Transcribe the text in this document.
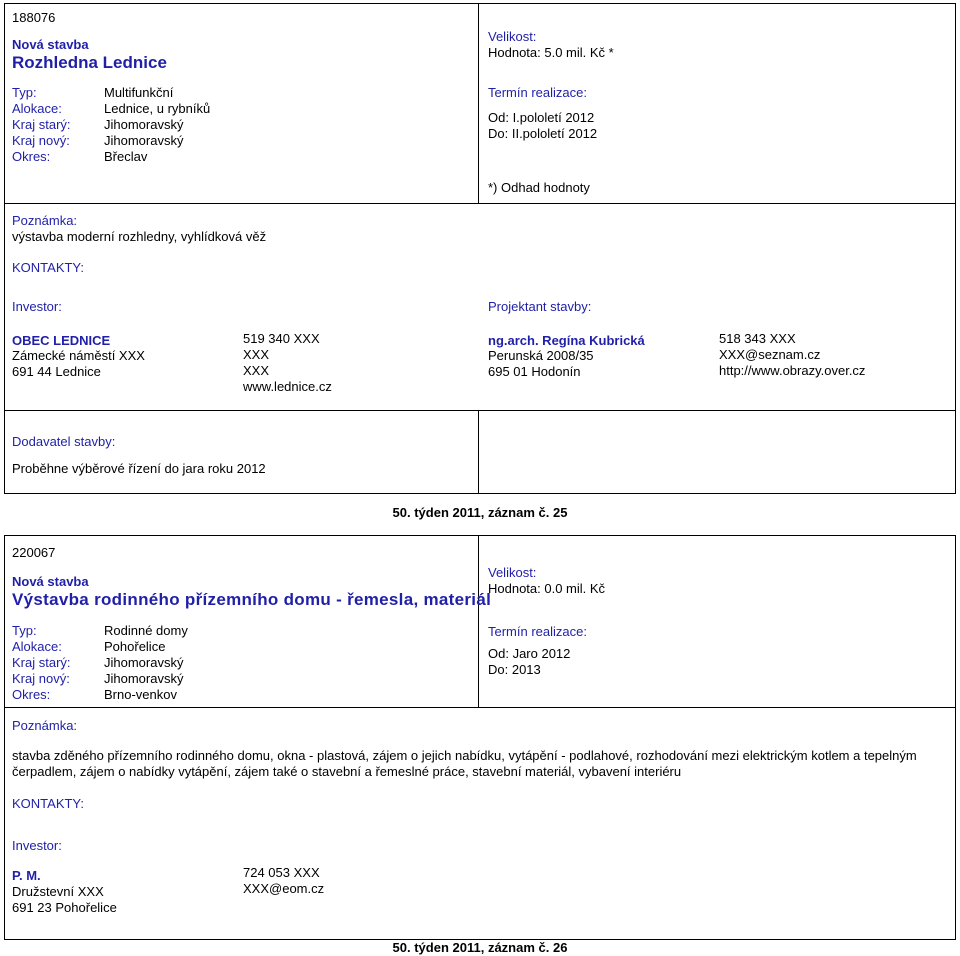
188076
Nová stavba
Rozhledna Lednice
Typ:	Multifunkční
Alokace:	Lednice, u rybníků
Kraj starý:	Jihomoravský
Kraj nový:	Jihomoravský
Okres:	Břeclav
Velikost:
Hodnota: 5.0 mil. Kč *
Termín realizace:
Od: I.pololetí 2012
Do: II.pololetí 2012
*) Odhad hodnoty
Poznámka:
výstavba moderní rozhledny, vyhlídková věž
KONTAKTY:
Investor:
OBEC LEDNICE
Zámecké náměstí XXX
691 44 Lednice
519 340 XXX
XXX
XXX
www.lednice.cz
Projektant stavby:
ng.arch. Regína Kubrická
Perunská 2008/35
695 01 Hodonín
518 343 XXX
XXX@seznam.cz
http://www.obrazy.over.cz
Dodavatel stavby:
Proběhne výběrové řízení do jara roku 2012
50. týden 2011, záznam č. 25
220067
Nová stavba
Výstavba rodinného přízemního domu - řemesla, materiál
Typ:	Rodinné domy
Alokace:	Pohořelice
Kraj starý:	Jihomoravský
Kraj nový:	Jihomoravský
Okres:	Brno-venkov
Velikost:
Hodnota: 0.0 mil. Kč
Termín realizace:
Od: Jaro 2012
Do: 2013
Poznámka:
stavba zděného přízemního rodinného domu, okna - plastová, zájem o jejich nabídku, vytápění - podlahové, rozhodování mezi elektrickým kotlem a tepelným
čerpadlem, zájem o nabídky vytápění, zájem také o stavební a řemeslné práce, stavební materiál, vybavení interiéru
KONTAKTY:
Investor:
P. M.
Družstevní XXX
691 23 Pohořelice
724 053 XXX
XXX@eom.cz
50. týden 2011, záznam č. 26
